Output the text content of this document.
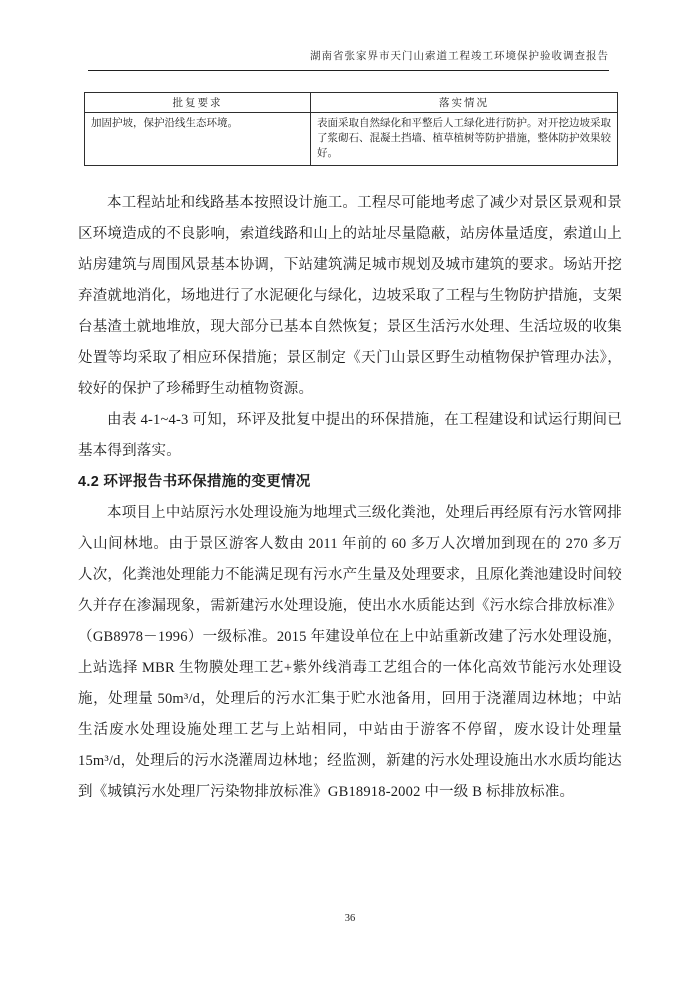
湖南省张家界市天门山索道工程竣工环境保护验收调查报告
批复要求	落实情况
加固护坡，保护沿线生态环境。	表面采取自然绿化和平整后人工绿化进行防护。对开挖边坡采取了浆砌石、混凝土挡墙、植草植树等防护措施，整体防护效果较好。

本工程站址和线路基本按照设计施工。工程尽可能地考虑了减少对景区景观和景区环境造成的不良影响，索道线路和山上的站址尽量隐蔽，站房体量适度，索道山上站房建筑与周围风景基本协调，下站建筑满足城市规划及城市建筑的要求。场站开挖弃渣就地消化，场地进行了水泥硬化与绿化，边坡采取了工程与生物防护措施，支架台基渣土就地堆放，现大部分已基本自然恢复；景区生活污水处理、生活垃圾的收集处置等均采取了相应环保措施；景区制定《天门山景区野生动植物保护管理办法》，较好的保护了珍稀野生动植物资源。

由表 4-1~4-3 可知，环评及批复中提出的环保措施，在工程建设和试运行期间已基本得到落实。

4.2 环评报告书环保措施的变更情况

本项目上中站原污水处理设施为地埋式三级化粪池，处理后再经原有污水管网排入山间林地。由于景区游客人数由 2011 年前的 60 多万人次增加到现在的 270 多万人次，化粪池处理能力不能满足现有污水产生量及处理要求，且原化粪池建设时间较久并存在渗漏现象，需新建污水处理设施，使出水水质能达到《污水综合排放标准》（GB8978－1996）一级标准。2015 年建设单位在上中站重新改建了污水处理设施，上站选择 MBR 生物膜处理工艺+紫外线消毒工艺组合的一体化高效节能污水处理设施，处理量 50m³/d，处理后的污水汇集于贮水池备用，回用于浇灌周边林地；中站生活废水处理设施处理工艺与上站相同，中站由于游客不停留，废水设计处理量 15m³/d，处理后的污水浇灌周边林地；经监测，新建的污水处理设施出水水质均能达到《城镇污水处理厂污染物排放标准》GB18918-2002 中一级 B 标排放标准。

36
